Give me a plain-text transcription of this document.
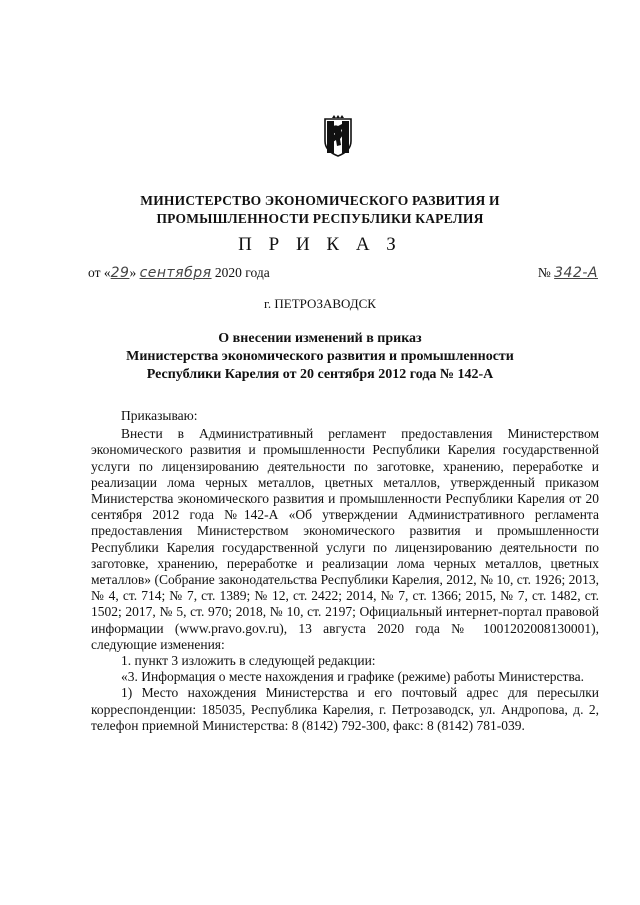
МИНИСТЕРСТВО ЭКОНОМИЧЕСКОГО РАЗВИТИЯ И
ПРОМЫШЛЕННОСТИ РЕСПУБЛИКИ КАРЕЛИЯ
П Р И К А З
от «29» сентября 2020 года	№ 342-А
г. ПЕТРОЗАВОДСК
О внесении изменений в приказ
Министерства экономического развития и промышленности
Республики Карелия от 20 сентября 2012 года № 142-А

Приказываю:

Внести в Административный регламент предоставления Министерством экономического развития и промышленности Республики Карелия государственной услуги по лицензированию деятельности по заготовке, хранению, переработке и реализации лома черных металлов, цветных металлов, утвержденный приказом Министерства экономического развития и промышленности Республики Карелия от 20 сентября 2012 года №142-А «Об утверждении Административного регламента предоставления Министерством экономического развития и промышленности Республики Карелия государственной услуги по лицензированию деятельности по заготовке, хранению, переработке и реализации лома черных металлов, цветных металлов» (Собрание законодательства Республики Карелия, 2012, № 10, ст. 1926; 2013, № 4, ст. 714; № 7, ст. 1389; № 12, ст. 2422; 2014, № 7, ст. 1366; 2015, № 7, ст. 1482, ст. 1502; 2017, № 5, ст. 970; 2018, № 10, ст. 2197; Официальный интернет-портал правовой информации (www.pravo.gov.ru), 13 августа 2020 года № 1001202008130001), следующие изменения:

1. пункт 3 изложить в следующей редакции:

«3. Информация о месте нахождения и графике (режиме) работы Министерства.

1) Место нахождения Министерства и его почтовый адрес для пересылки корреспонденции: 185035, Республика Карелия, г. Петрозаводск, ул. Андропова, д. 2, телефон приемной Министерства: 8 (8142) 792-300, факс: 8 (8142) 781-039.
